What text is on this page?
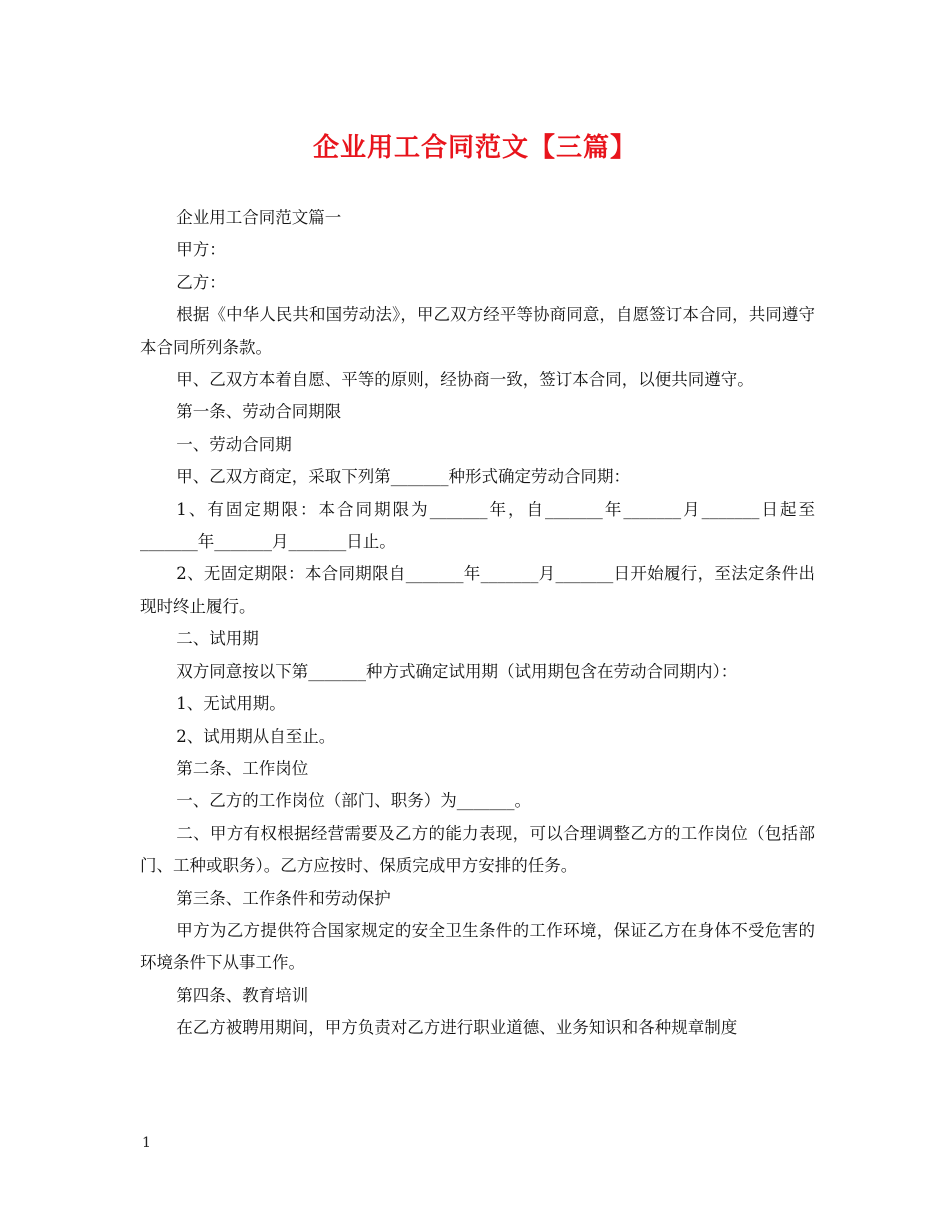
企业用工合同范文【三篇】

企业用工合同范文篇一

甲方：

乙方：

根据《中华人民共和国劳动法》，甲乙双方经平等协商同意，自愿签订本合同，共同遵守本合同所列条款。

甲、乙双方本着自愿、平等的原则，经协商一致，签订本合同，以便共同遵守。

第一条、劳动合同期限

一、劳动合同期

甲、乙双方商定，采取下列第_______种形式确定劳动合同期：

1、有固定期限：本合同期限为_______年，自_______年_______月_______日起至_______年_______月_______日止。

2、无固定期限：本合同期限自_______年_______月_______日开始履行，至法定条件出现时终止履行。

二、试用期

双方同意按以下第_______种方式确定试用期（试用期包含在劳动合同期内）：

1、无试用期。

2、试用期从自至止。

第二条、工作岗位

一、乙方的工作岗位（部门、职务）为_______。

二、甲方有权根据经营需要及乙方的能力表现，可以合理调整乙方的工作岗位（包括部门、工种或职务）。乙方应按时、保质完成甲方安排的任务。

第三条、工作条件和劳动保护

甲方为乙方提供符合国家规定的安全卫生条件的工作环境，保证乙方在身体不受危害的环境条件下从事工作。

第四条、教育培训

在乙方被聘用期间，甲方负责对乙方进行职业道德、业务知识和各种规章制度

1
